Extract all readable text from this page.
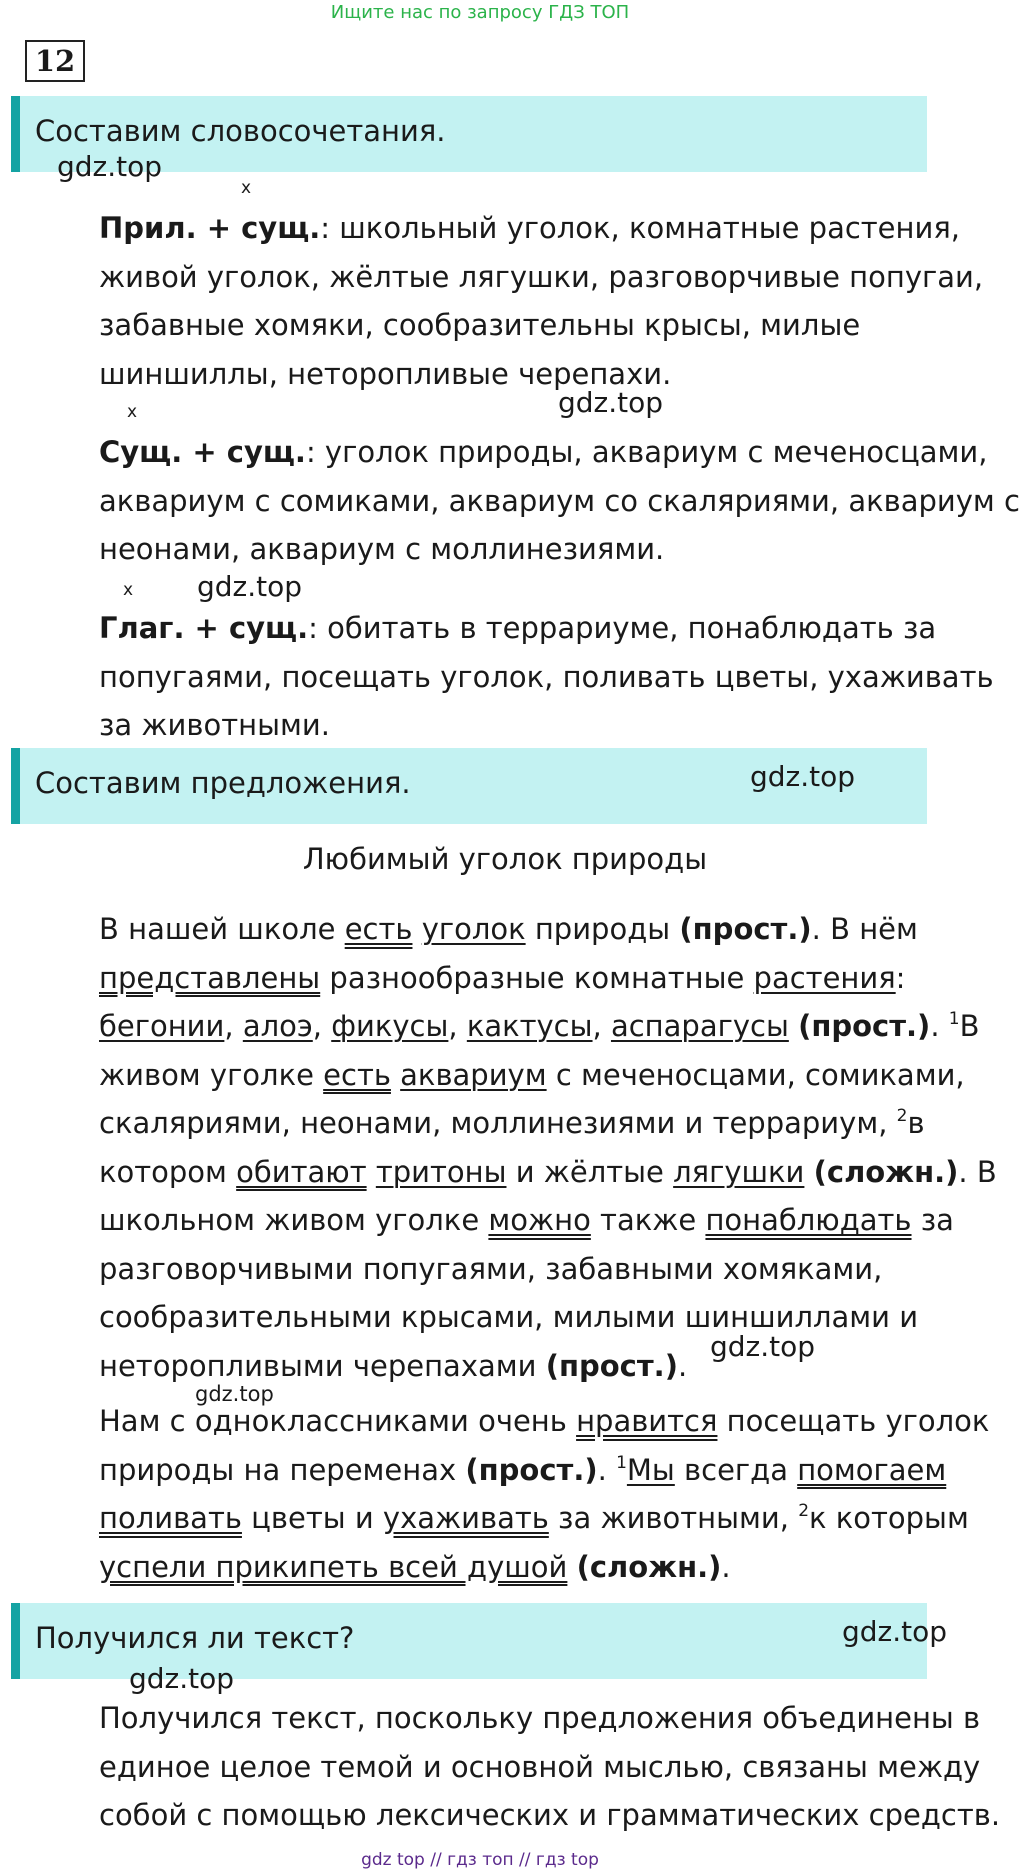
Ищите нас по запросу ГДЗ ТОП
12
Составим словосочетания.
gdz.top
x
Прил. + сущ.: школьный уголок, комнатные растения, живой уголок, жёлтые лягушки, разговорчивые попугаи, забавные хомяки, сообразительны крысы, милые шиншиллы, неторопливые черепахи.
gdz.top
x
Сущ. + сущ.: уголок природы, аквариум с меченосцами, аквариум с сомиками, аквариум со скаляриями, аквариум с неонами, аквариум с моллинезиями.
x gdz.top
Глаг. + сущ.: обитать в террариуме, понаблюдать за попугаями, посещать уголок, поливать цветы, ухаживать за животными.
Составим предложения.	gdz.top
Любимый уголок природы
В нашей школе есть уголок природы (прост.). В нём представлены разнообразные комнатные растения: бегонии, алоэ, фикусы, кактусы, аспарагусы (прост.). $^1$В живом уголке есть аквариум с меченосцами, сомиками, скаляриями, неонами, моллинезиями и террариум, $^2$в котором обитают тритоны и жёлтые лягушки (сложн.). В школьном живом уголке можно также понаблюдать за разговорчивыми попугаями, забавными хомяками, сообразительными крысами, милыми шиншиллами и неторопливыми черепахами (прост.).
gdz.top
gdz.top
Нам с одноклассниками очень нравится посещать уголок природы на переменах (прост.). $^1$Мы всегда помогаем поливать цветы и ухаживать за животными, $^2$к которым успели прикипеть всей душой (сложн.).
Получился ли текст?	gdz.top
gdz.top
Получился текст, поскольку предложения объединены в единое целое темой и основной мыслью, связаны между собой с помощью лексических и грамматических средств.
gdz top // гдз топ // гдз top
